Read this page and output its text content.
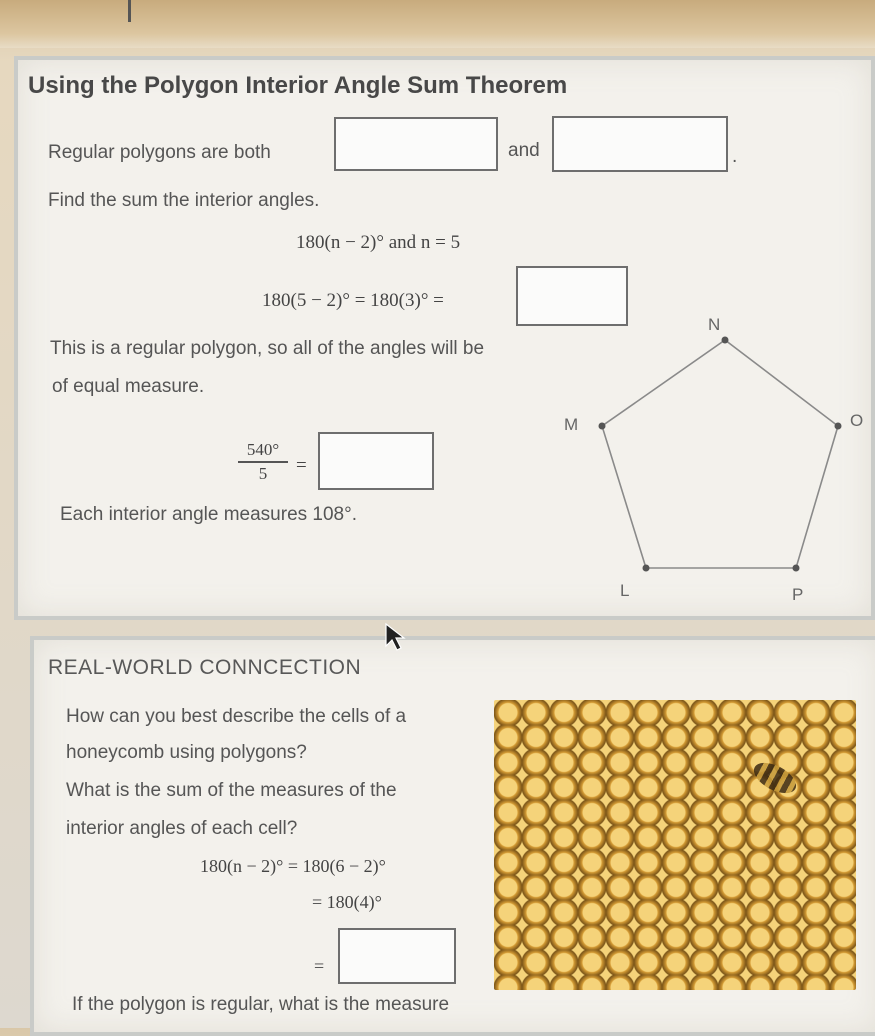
Using the Polygon Interior Angle Sum Theorem
Regular polygons are both	and	.
Find the sum the interior angles.
180(n − 2)° and n = 5
180(5 − 2)° = 180(3)° =
This is a regular polygon, so all of the angles will be
of equal measure.
540°
5	=
Each interior angle measures 108°.
N
O
P
L
M
REAL-WORLD CONNCECTION
How can you best describe the cells of a
honeycomb using polygons?
What is the sum of the measures of the
interior angles of each cell?
180(n − 2)° = 180(6 − 2)°
= 180(4)°
=
If the polygon is regular, what is the measure
